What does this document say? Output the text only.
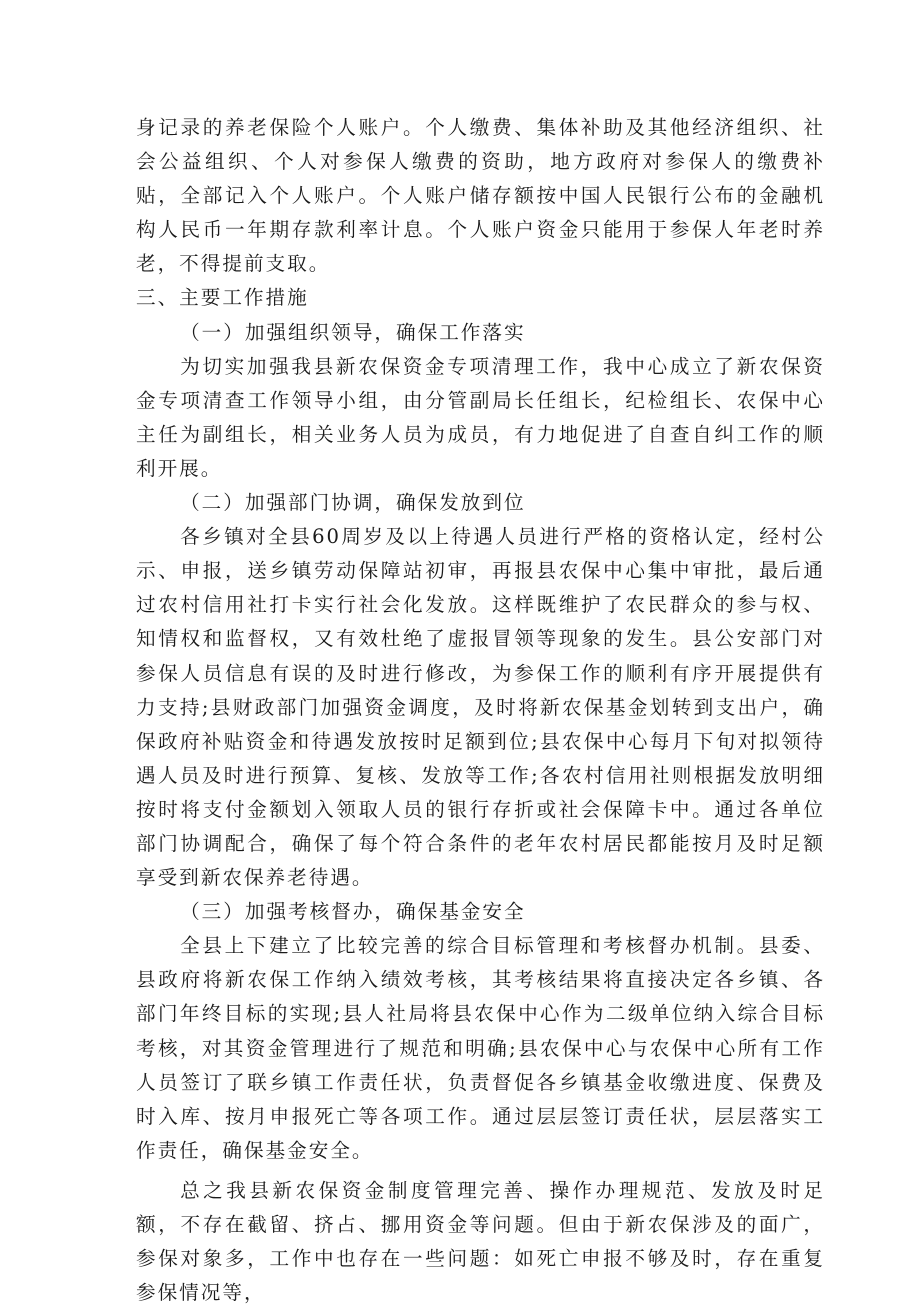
身记录的养老保险个人账户。个人缴费、集体补助及其他经济组织、社会公益组织、个人对参保人缴费的资助，地方政府对参保人的缴费补贴，全部记入个人账户。个人账户储存额按中国人民银行公布的金融机构人民币一年期存款利率计息。个人账户资金只能用于参保人年老时养老，不得提前支取。

三、主要工作措施

（一）加强组织领导，确保工作落实

为切实加强我县新农保资金专项清理工作，我中心成立了新农保资金专项清查工作领导小组，由分管副局长任组长，纪检组长、农保中心主任为副组长，相关业务人员为成员，有力地促进了自查自纠工作的顺利开展。

（二）加强部门协调，确保发放到位

各乡镇对全县60周岁及以上待遇人员进行严格的资格认定，经村公示、申报，送乡镇劳动保障站初审，再报县农保中心集中审批，最后通过农村信用社打卡实行社会化发放。这样既维护了农民群众的参与权、知情权和监督权，又有效杜绝了虚报冒领等现象的发生。县公安部门对参保人员信息有误的及时进行修改，为参保工作的顺利有序开展提供有力支持;县财政部门加强资金调度，及时将新农保基金划转到支出户，确保政府补贴资金和待遇发放按时足额到位;县农保中心每月下旬对拟领待遇人员及时进行预算、复核、发放等工作;各农村信用社则根据发放明细按时将支付金额划入领取人员的银行存折或社会保障卡中。通过各单位部门协调配合，确保了每个符合条件的老年农村居民都能按月及时足额享受到新农保养老待遇。

（三）加强考核督办，确保基金安全

全县上下建立了比较完善的综合目标管理和考核督办机制。县委、县政府将新农保工作纳入绩效考核，其考核结果将直接决定各乡镇、各部门年终目标的实现;县人社局将县农保中心作为二级单位纳入综合目标考核，对其资金管理进行了规范和明确;县农保中心与农保中心所有工作人员签订了联乡镇工作责任状，负责督促各乡镇基金收缴进度、保费及时入库、按月申报死亡等各项工作。通过层层签订责任状，层层落实工作责任，确保基金安全。

总之我县新农保资金制度管理完善、操作办理规范、发放及时足额，不存在截留、挤占、挪用资金等问题。但由于新农保涉及的面广，参保对象多，工作中也存在一些问题：如死亡申报不够及时，存在重复参保情况等，
